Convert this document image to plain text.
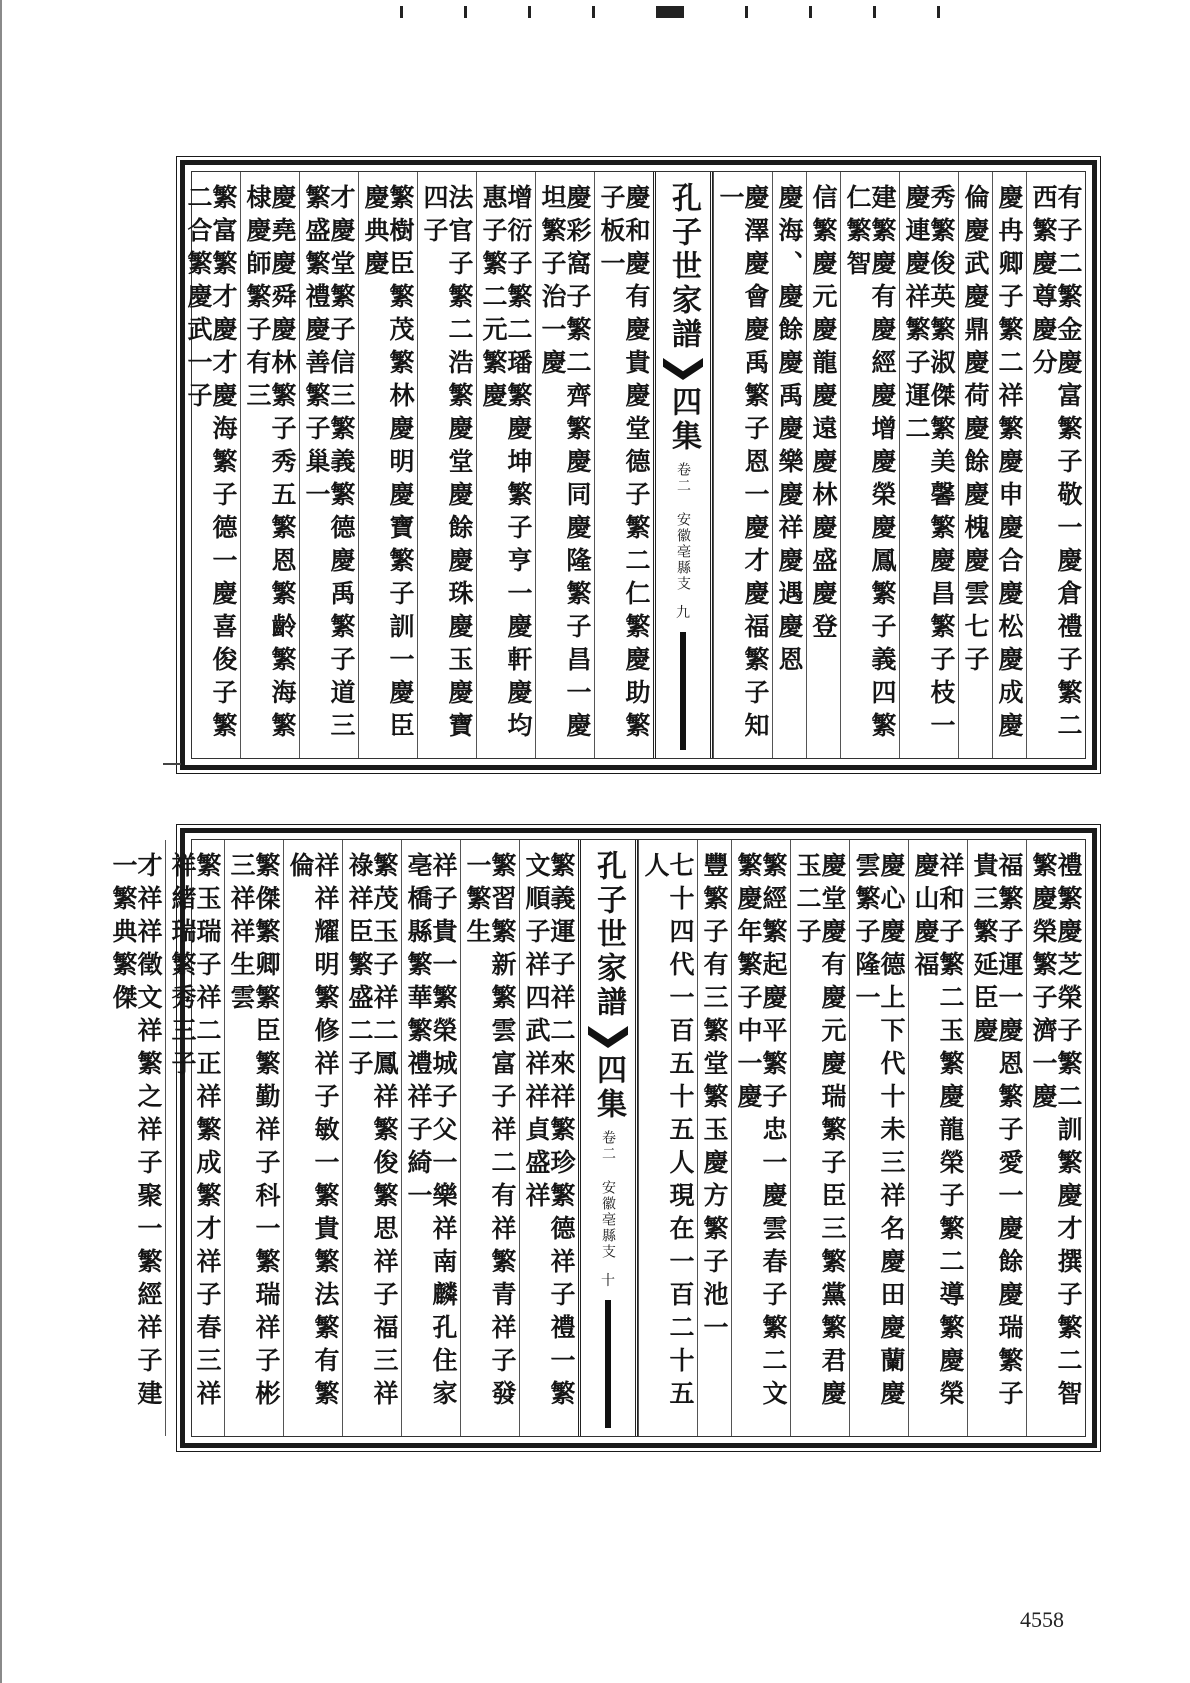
有子二繁金慶富繁子敬一慶倉禮子繁二西繁慶尊慶分
慶冉卿子繁二祥繁慶申慶合慶松慶成慶
倫慶武慶鼎慶荷慶餘慶槐慶雲七子
秀繁俊英繁淑傑繁美馨繁慶昌繁子枝一慶連慶祥繁子運二
建繁慶有慶經慶增慶榮慶鳳繁子義四繁仁繁智
信繁慶元慶龍慶遠慶林慶盛慶登
慶海、慶餘慶禹慶樂慶祥慶遇慶恩
慶澤慶會慶禹繁子恩一慶才慶福繁子知一
孔子世家譜
四集
卷二 安徽亳縣支
九
慶和慶有慶貴慶堂德子繁二仁繁慶助繁子板一
慶彩窩子繁二齊繁慶同慶隆繁子昌一慶坦繁子治一慶
增衍子繁二璠繁慶坤繁子亨一慶軒慶均惠子繁二元繁慶
法官子繁二浩繁慶堂慶餘慶珠慶玉慶寶四子
繁樹臣繁茂繁林慶明慶寶繁子訓一慶臣慶典慶
才慶堂繁子信三繁義繁德慶禹繁子道三繁盛繁禮慶善繁子巢一
慶堯慶舜慶林繁子秀五繁恩繁齡繁海繁棣慶師繁子有三
繁富繁才慶才慶海繁子德一慶喜俊子繁二合繁慶武一子
禮繁慶芝榮子繁二訓繁慶才撰子繁二智繁慶榮繁子濟一慶
福繁子運一慶恩繁子愛一慶餘慶瑞繁子貴三繁延臣慶
祥和子繁二玉繁慶龍榮子繁二導繁慶榮慶山慶福
慶心慶德上下代十未三祥名慶田慶蘭慶雲繁子隆一
慶堂慶有慶元慶瑞繁子臣三繁黨繁君慶玉二子
繁經繁起慶平繁子忠一慶雲春子繁二文繁慶年繁子中一慶
豐繁子有三繁堂繁玉慶方繁子池一
七十四代一百五十五人現在一百二十五人
孔子世家譜
四集
卷二 安徽亳縣支
十
繁義運子祥二來祥繁珍繁德祥子禮一繁文順子祥四武祥祥貞盛祥
繁習繁新繁雲富子祥二有祥繁青祥子發一繁生
祥子貴一繁榮城子父一樂祥南麟孔住家亳橋縣繁華繁禮祥子綺一
繁茂玉子祥二鳳祥繁俊繁思祥子福三祥祿祥臣繁盛二子
祥祥耀明繁修祥子敏一繁貴繁法繁有繁倫
繁傑繁卿繁臣繁勤祥子科一繁瑞祥子彬三祥祥生雲
繁玉瑞子祥二正祥繁成繁才祥子春三祥祥緒瑞繁秀三子
才祥祥徵文祥繁之祥子聚一繁經祥子建一繁典繁傑
4558
